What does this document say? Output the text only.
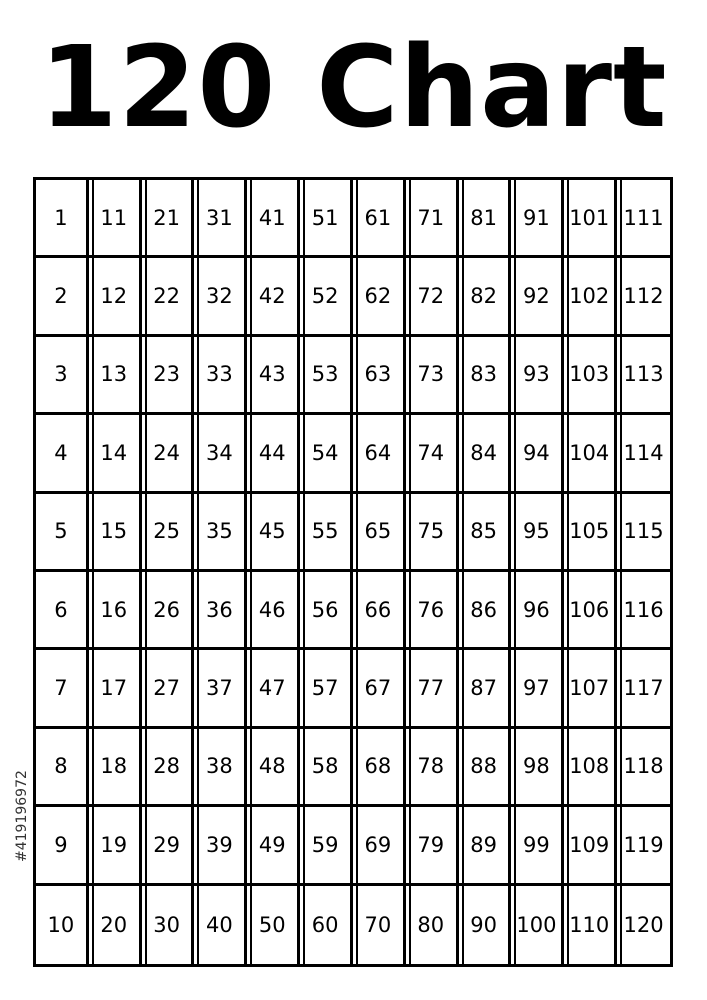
120 Chart
1	11	21	31	41	51	61	71	81	91 101 111
2	12	22	32	42	52	62	72	82	92 102 112
3	13	23	33	43	53	63	73	83	93 103 113
4	14	24	34	44	54	64	74	84	94 104 114
5	15	25	35	45	55	65	75	85	95 105 115
6	16	26	36	46	56	66	76	86	96 106 116
7	17	27	37	47	57	67	77	87	97 107 117
8	18	28	38	48	58	68	78	88	98 108 118
9	19	29	39	49	59	69	79	89	99 109 119
10	20	30	40	50	60	70	80	90 100 110 120
#419196972
